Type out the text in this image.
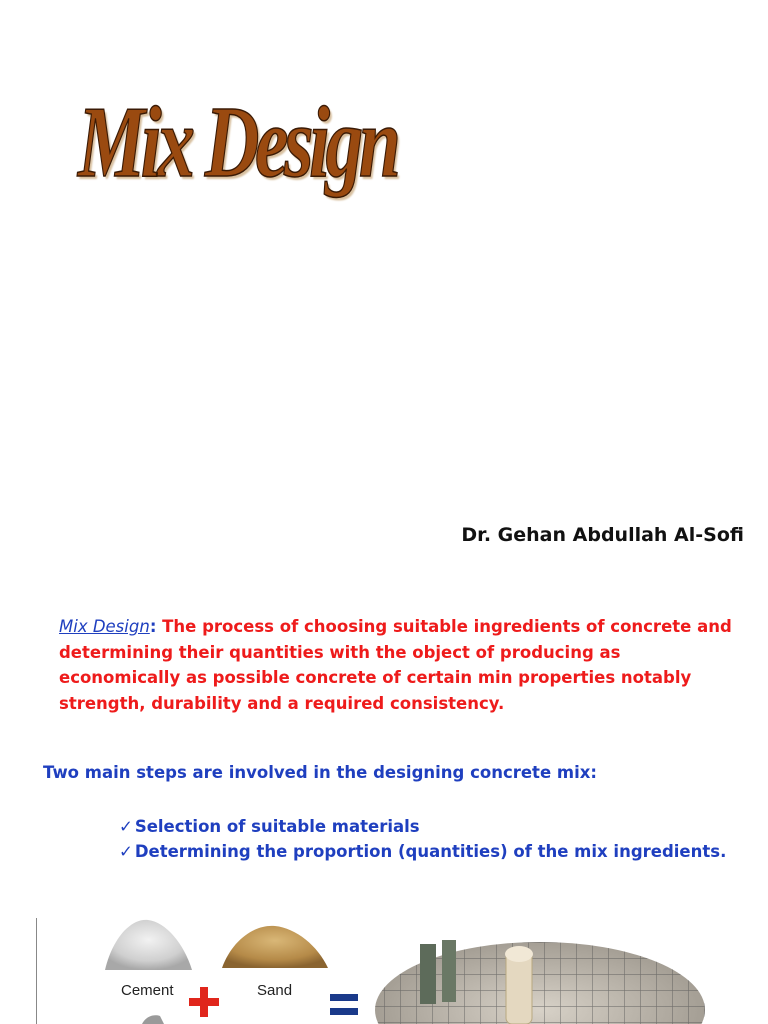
Mix Design
Dr. Gehan Abdullah Al-Sofi

Mix Design: The process of choosing suitable ingredients of concrete and determining their quantities with the object of producing as economically as possible concrete of certain min properties notably strength, durability and a required consistency.

Two main steps are involved in the designing concrete mix:
✓ Selection of suitable materials
✓ Determining the proportion (quantities) of the mix ingredients.
Cement	Sand
